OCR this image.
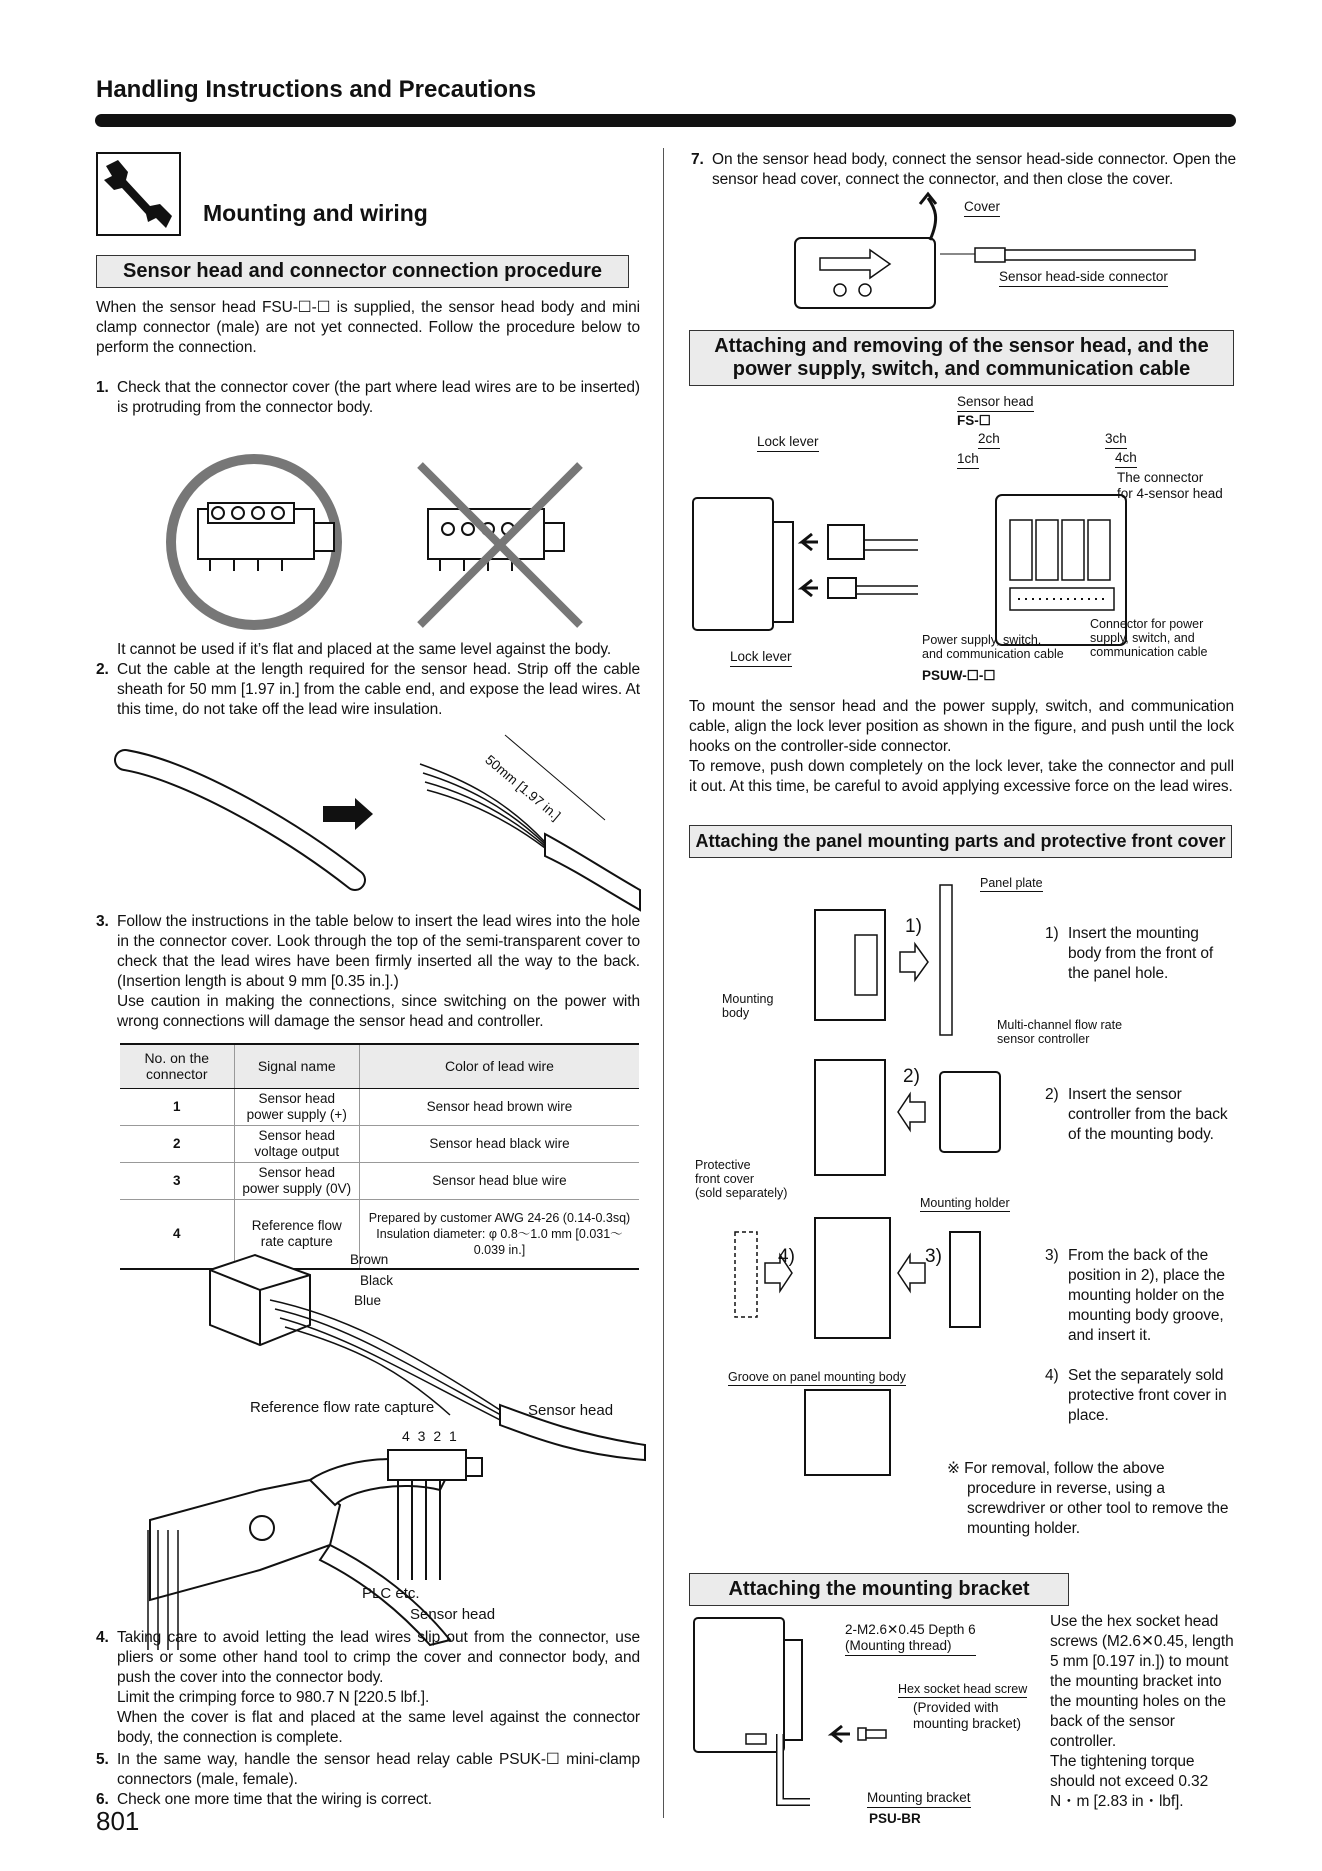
Handling Instructions and Precautions
Mounting and wiring
Sensor head and connector connection procedure
When the sensor head FSU-☐-☐ is supplied, the sensor head body and mini clamp connector (male) are not yet connected. Follow the procedure below to perform the connection.
1. Check that the connector cover (the part where lead wires are to be inserted) is protruding from the connector body.
It cannot be used if it’s flat and placed at the same level against the body.
2. Cut the cable at the length required for the sensor head. Strip off the cable sheath for 50 mm [1.97 in.] from the cable end, and expose the lead wires. At this time, do not take off the lead wire insulation.
50mm [1.97 in.]
3. Follow the instructions in the table below to insert the lead wires into the hole in the connector cover. Look through the top of the semi-transparent cover to check that the lead wires have been firmly inserted all the way to the back. (Insertion length is about 9 mm [0.35 in.].)
Use caution in making the connections, since switching on the power with wrong connections will damage the sensor head and controller.
No. on the connector	Signal name	Color of lead wire
1	Sensor head power supply (+)	Sensor head brown wire
2	Sensor head voltage output	Sensor head black wire
3	Sensor head power supply (0V)	Sensor head blue wire
4	Reference flow rate capture	Prepared by customer AWG 24-26 (0.14-0.3sq) Insulation diameter: φ 0.8～1.0 mm [0.031～0.039 in.]
Brown
Black
Blue
Reference flow rate capture	Sensor head
4 3 2 1
PLC etc.
Sensor head
4. Taking care to avoid letting the lead wires slip out from the connector, use pliers or some other hand tool to crimp the cover and connector body, and push the cover into the connector body.
Limit the crimping force to 980.7 N [220.5 lbf.].
When the cover is flat and placed at the same level against the connector body, the connection is complete.
5. In the same way, handle the sensor head relay cable PSUK-☐ mini-clamp connectors (male, female).
6. Check one more time that the wiring is correct.
801
7. On the sensor head body, connect the sensor head-side connector. Open the sensor head cover, connect the connector, and then close the cover.
Cover
Sensor head-side connector
Attaching and removing of the sensor head, and the power supply, switch, and communication cable
Sensor head
FS-☐
Lock lever	2ch	3ch
1ch	4ch
The connector
for 4-sensor head
Lock lever
Power supply, switch,
and communication cable
PSUW-☐-☐
Connector for power
supply, switch, and
communication cable
To mount the sensor head and the power supply, switch, and communication cable, align the lock lever position as shown in the figure, and push until the lock hooks on the controller-side connector.
To remove, push down completely on the lock lever, take the connector and pull it out. At this time, be careful to avoid applying excessive force on the lead wires.
Attaching the panel mounting parts and protective front cover
Panel plate
1)
Mounting
body
Multi-channel flow rate
sensor controller
2)
Protective
front cover
(sold separately)
Mounting holder
4)	3)
Groove on panel mounting body
1) Insert the mounting body from the front of the panel hole.
2) Insert the sensor controller from the back of the mounting body.
3) From the back of the position in 2), place the mounting holder on the mounting body groove, and insert it.
4) Set the separately sold protective front cover in place.
※ For removal, follow the above procedure in reverse, using a screwdriver or other tool to remove the mounting holder.
Attaching the mounting bracket
2-M2.6✕0.45 Depth 6
(Mounting thread)
Hex socket head screw
(Provided with
mounting bracket)
Mounting bracket
PSU-BR
Use the hex socket head screws (M2.6✕0.45, length 5 mm [0.197 in.]) to mount the mounting bracket into the mounting holes on the back of the sensor controller.
The tightening torque should not exceed 0.32 N・m [2.83 in・lbf].
